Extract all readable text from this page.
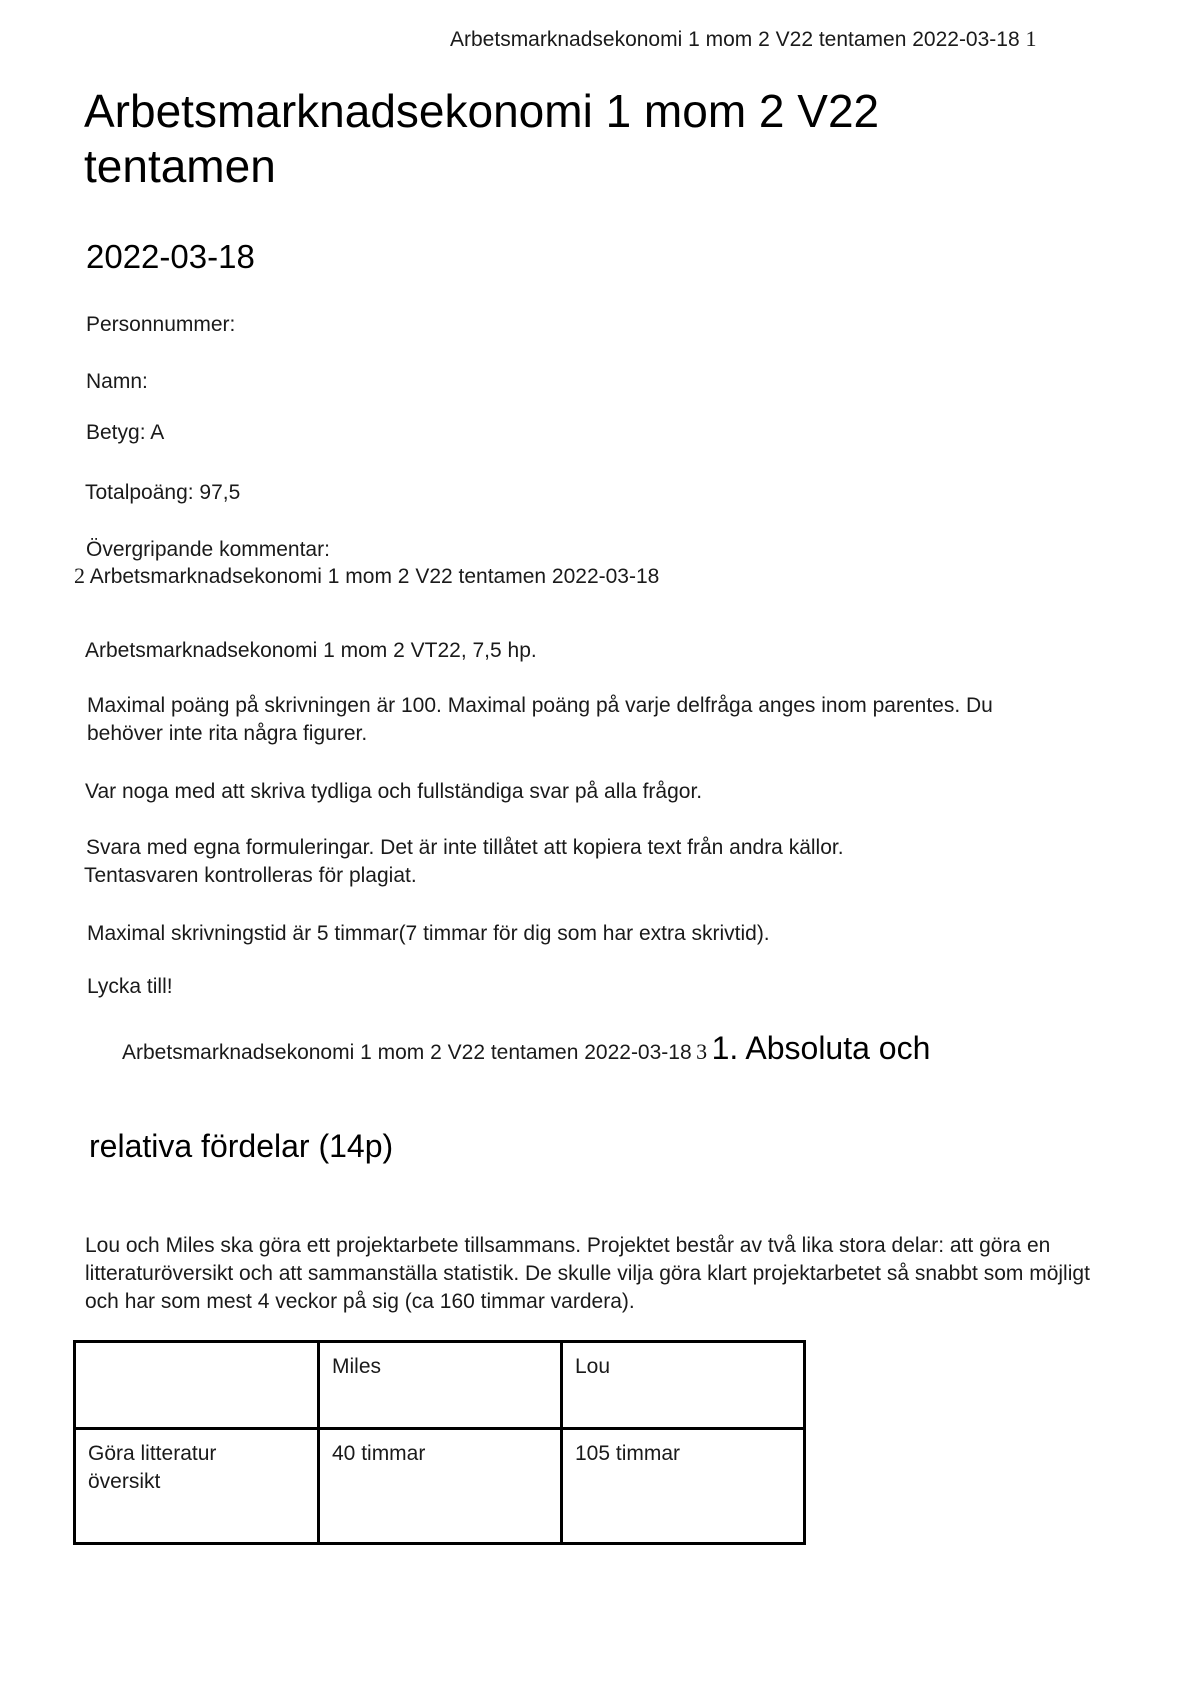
Arbetsmarknadsekonomi 1 mom 2 V22 tentamen 2022-03-18 1
Arbetsmarknadsekonomi 1 mom 2 V22 tentamen
2022-03-18
Personnummer:
Namn:
Betyg: A
Totalpoäng: 97,5
Övergripande kommentar:
2 Arbetsmarknadsekonomi 1 mom 2 V22 tentamen 2022-03-18
Arbetsmarknadsekonomi 1 mom 2 VT22, 7,5 hp.
Maximal poäng på skrivningen är 100. Maximal poäng på varje delfråga anges inom parentes. Du behöver inte rita några figurer.
Var noga med att skriva tydliga och fullständiga svar på alla frågor.
Svara med egna formuleringar. Det är inte tillåtet att kopiera text från andra källor.
Tentasvaren kontrolleras för plagiat.
Maximal skrivningstid är 5 timmar(7 timmar för dig som har extra skrivtid).
Lycka till!
Arbetsmarknadsekonomi 1 mom 2 V22 tentamen 2022-03-18 3 1. Absoluta och
relativa fördelar (14p)
Lou och Miles ska göra ett projektarbete tillsammans. Projektet består av två lika stora delar: att göra en litteraturöversikt och att sammanställa statistik. De skulle vilja göra klart projektarbetet så snabbt som möjligt och har som mest 4 veckor på sig (ca 160 timmar vardera).
	Miles	Lou

Göra litteratur
översikt	40 timmar	105 timmar
